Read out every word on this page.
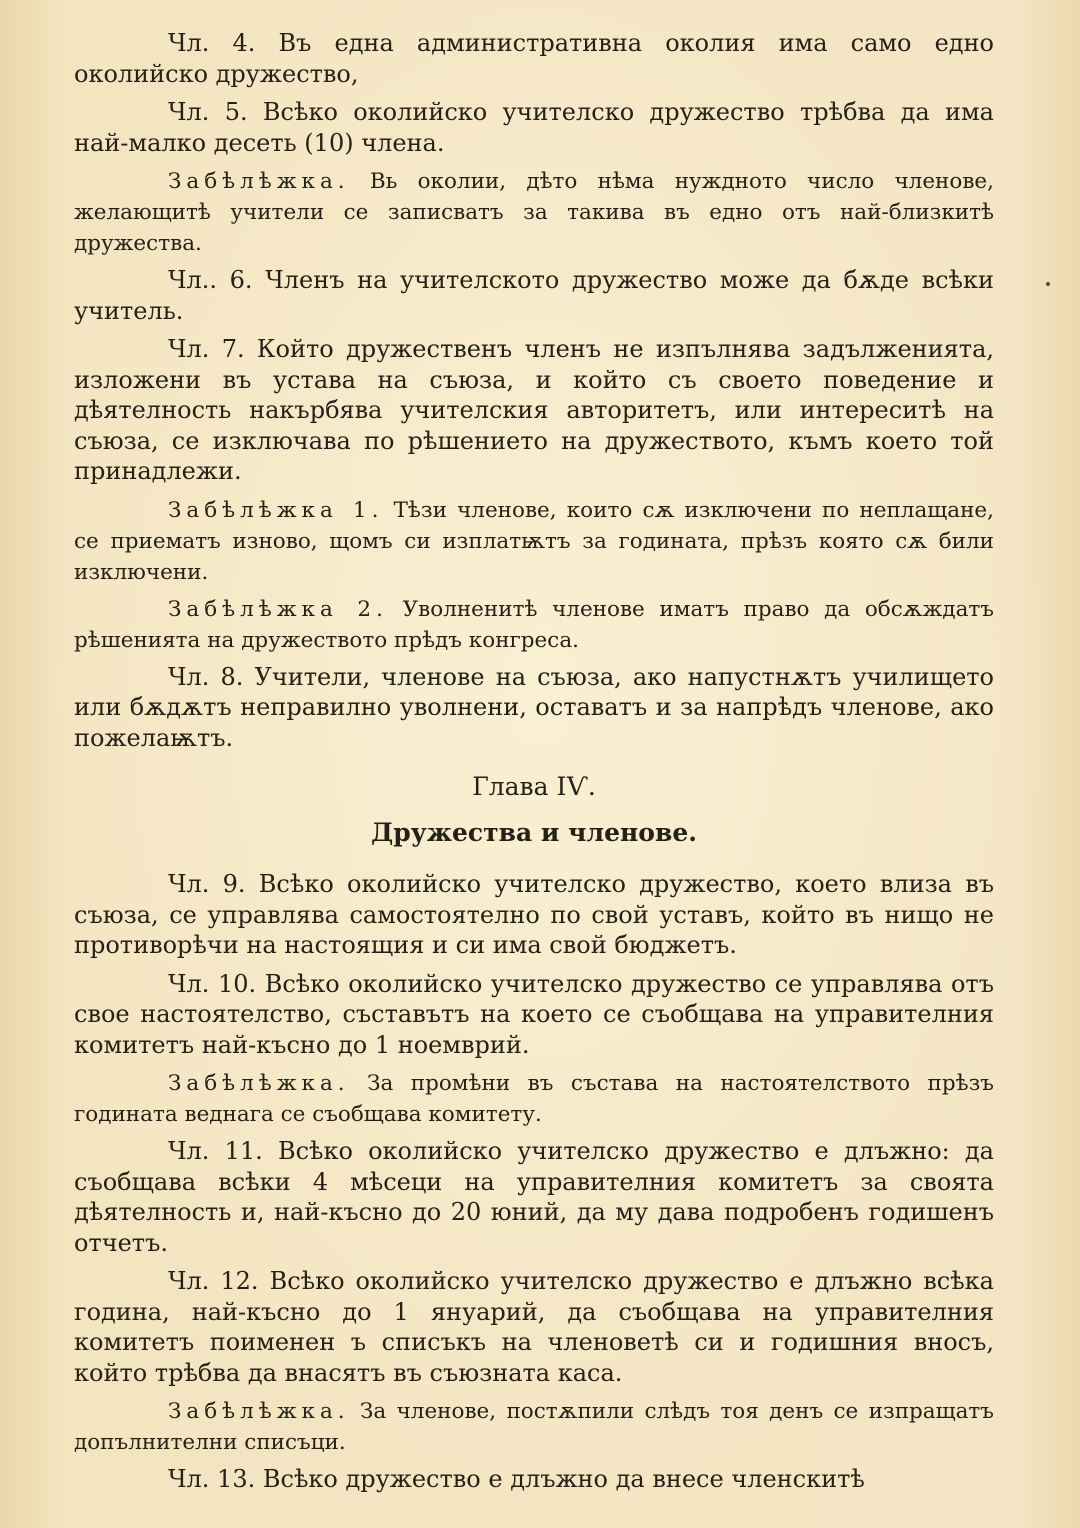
Чл. 4. Въ една административна околия има само едно околийско дружество,

Чл. 5. Всѣко околийско учителско дружество трѣбва да има най-малко десеть (10) члена.

Забѣлѣжка. Вь околии, дѣто нѣма нуждното число членове, желающитѣ учители се записватъ за такива въ едно отъ най-близкитѣ дружества.

Чл.. 6. Членъ на учителското дружество може да бѫде всѣки учитель.

Чл. 7. Който дружественъ членъ не изпълнява задълженията, изложени въ устава на съюза, и който съ своето поведение и дѣятелность накърбява учителския авторитетъ, или интереситѣ на съюза, се изключава по рѣшението на дружеството, къмъ което той принадлежи.

Забѣлѣжка 1. Тѣзи членове, които сѫ изключени по неплащане, се приематъ изново, щомъ си изплатѭтъ за годината, прѣзъ която сѫ били изключени.

Забѣлѣжка 2. Уволненитѣ членове иматъ право да обсѫждатъ рѣшенията на дружеството прѣдъ конгреса.

Чл. 8. Учители, членове на съюза, ако напустнѫтъ училището или бѫдѫтъ неправилно уволнени, оставатъ и за напрѣдъ членове, ако пожелаѭтъ.

Глава IѴ.
Дружества и членове.

Чл. 9. Всѣко околийско учителско дружество, което влиза въ съюза, се управлява самостоятелно по свой уставъ, който въ нищо не противорѣчи на настоящия и си има свой бюджетъ.

Чл. 10. Всѣко околийско учителско дружество се управлява отъ свое настоятелство, съставътъ на което се съобщава на управителния комитетъ най-късно до 1 ноемврий.

Забѣлѣжка. За промѣни въ състава на настоятелството прѣзъ годината веднага се съобщава комитету.

Чл. 11. Всѣко околийско учителско дружество е длъжно: да съобщава всѣки 4 мѣсеци на управителния комитетъ за своята дѣятелность и, най-късно до 20 юний, да му дава подробенъ годишенъ отчетъ.

Чл. 12. Всѣко околийско учителско дружество е длъжно всѣка година, най-късно до 1 януарий, да съобщава на управителния комитетъ поименен ъ списъкъ на членоветѣ си и годишния вносъ, който трѣбва да внасятъ въ съюзната каса.

Забѣлѣжка. За членове, постѫпили слѣдъ тоя денъ се изпращатъ допълнителни списъци.

Чл. 13. Всѣко дружество е длъжно да внесе членскитѣ
